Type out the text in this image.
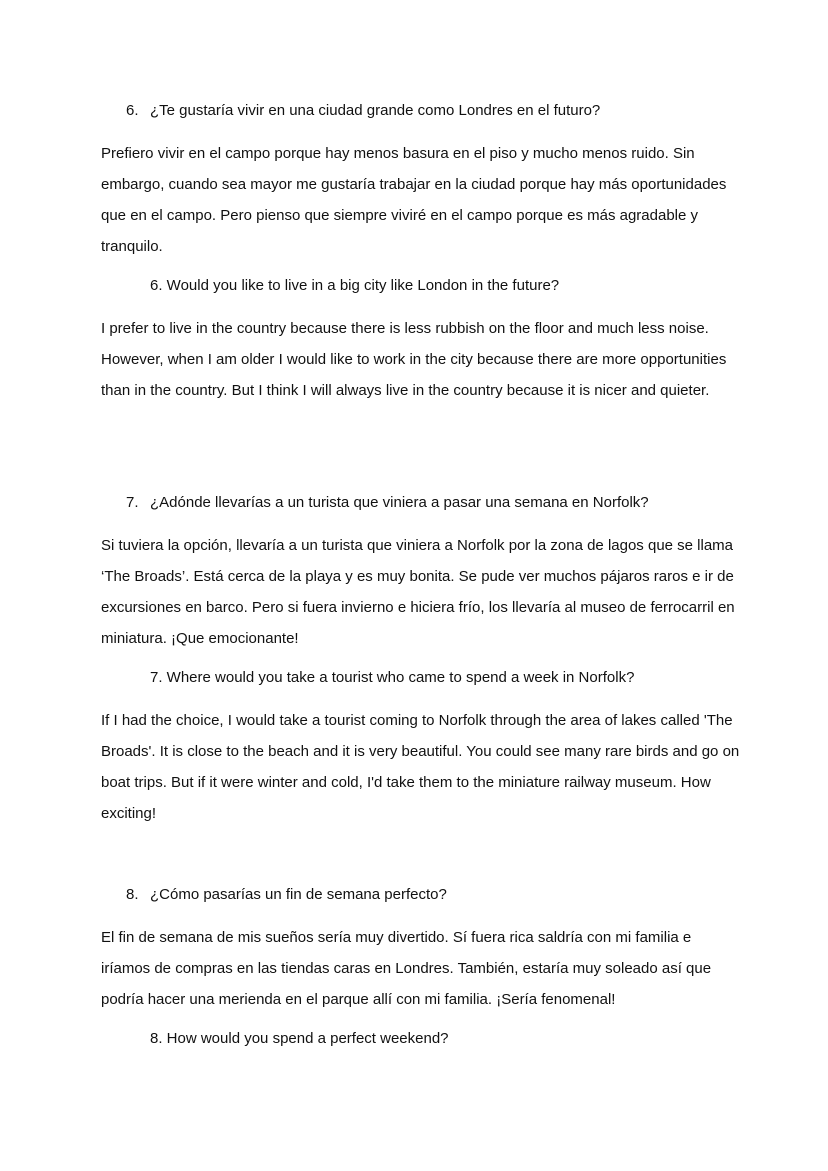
6. ¿Te gustaría vivir en una ciudad grande como Londres en el futuro?

Prefiero vivir en el campo porque hay menos basura en el piso y mucho menos ruido. Sin embargo, cuando sea mayor me gustaría trabajar en la ciudad porque hay más oportunidades que en el campo. Pero pienso que siempre viviré en el campo porque es más agradable y tranquilo.

6. Would you like to live in a big city like London in the future?

I prefer to live in the country because there is less rubbish on the floor and much less noise. However, when I am older I would like to work in the city because there are more opportunities than in the country. But I think I will always live in the country because it is nicer and quieter.

7. ¿Adónde llevarías a un turista que viniera a pasar una semana en Norfolk?

Si tuviera la opción, llevaría a un turista que viniera a Norfolk por la zona de lagos que se llama ‘The Broads’. Está cerca de la playa y es muy bonita. Se pude ver muchos pájaros raros e ir de excursiones en barco. Pero si fuera invierno e hiciera frío, los llevaría al museo de ferrocarril en miniatura. ¡Que emocionante!

7. Where would you take a tourist who came to spend a week in Norfolk?

If I had the choice, I would take a tourist coming to Norfolk through the area of lakes called 'The Broads'. It is close to the beach and it is very beautiful. You could see many rare birds and go on boat trips. But if it were winter and cold, I'd take them to the miniature railway museum. How exciting!

8. ¿Cómo pasarías un fin de semana perfecto?

El fin de semana de mis sueños sería muy divertido. Sí fuera rica saldría con mi familia e iríamos de compras en las tiendas caras en Londres. También, estaría muy soleado así que podría hacer una merienda en el parque allí con mi familia. ¡Sería fenomenal!

8. How would you spend a perfect weekend?
